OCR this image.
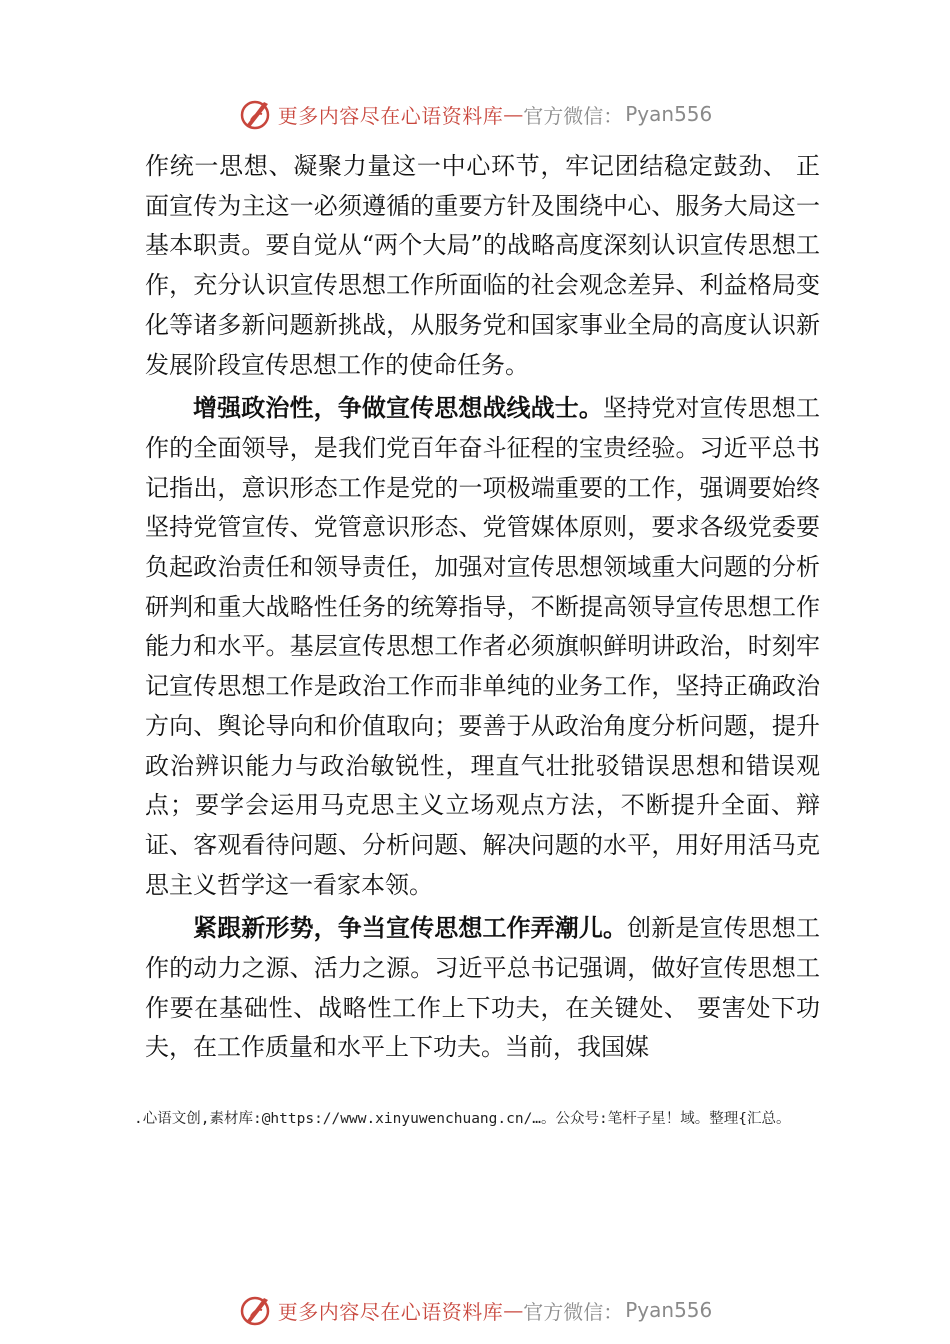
更多内容尽在心语资料库 — 官方微信： Pyan556

作统一思想、凝聚力量这一中心环节，牢记团结稳定鼓劲、 正面宣传为主这一必须遵循的重要方针及围绕中心、服务大局这一基本职责。要自觉从“两个大局”的战略高度深刻认识宣传思想工作，充分认识宣传思想工作所面临的社会观念差异、利益格局变化等诸多新问题新挑战，从服务党和国家事业全局的高度认识新发展阶段宣传思想工作的使命任务。

增强政治性，争做宣传思想战线战士。坚持党对宣传思想工作的全面领导，是我们党百年奋斗征程的宝贵经验。习近平总书记指出，意识形态工作是党的一项极端重要的工作，强调要始终坚持党管宣传、党管意识形态、党管媒体原则，要求各级党委要负起政治责任和领导责任，加强对宣传思想领域重大问题的分析研判和重大战略性任务的统筹指导，不断提高领导宣传思想工作能力和水平。基层宣传思想工作者必须旗帜鲜明讲政治，时刻牢记宣传思想工作是政治工作而非单纯的业务工作，坚持正确政治方向、舆论导向和价值取向；要善于从政治角度分析问题，提升政治辨识能力与政治敏锐性，理直气壮批驳错误思想和错误观点；要学会运用马克思主义立场观点方法，不断提升全面、辩证、客观看待问题、分析问题、解决问题的水平，用好用活马克思主义哲学这一看家本领。

紧跟新形势，争当宣传思想工作弄潮儿。创新是宣传思想工作的动力之源、活力之源。习近平总书记强调，做好宣传思想工作要在基础性、战略性工作上下功夫，在关键处、 要害处下功夫，在工作质量和水平上下功夫。当前，我国媒

.心语文创,素材库:@https://www.xinyuwenchuang.cn/…。公众号:笔杆子星！域。整理{汇总。
更多内容尽在心语资料库 — 官方微信： Pyan556
